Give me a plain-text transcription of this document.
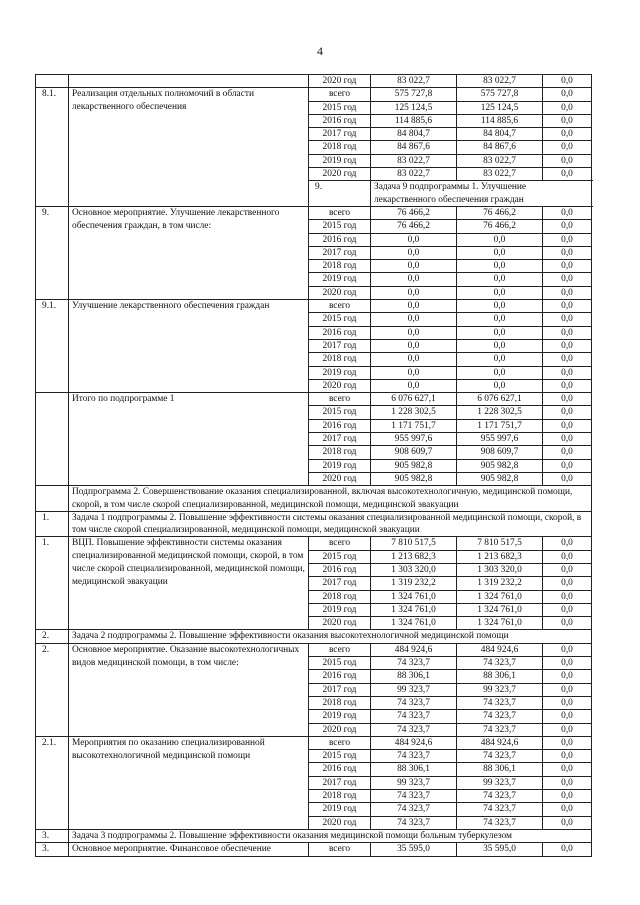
4
		2020 год	83 022,7	83 022,7	0,0
8.1.	Реализация отдельных полномочий в области лекарственного обеспечения	всего	575 727,8	575 727,8	0,0
		2015 год	125 124,5	125 124,5	0,0
		2016 год	114 885,6	114 885,6	0,0
		2017 год	84 804,7	84 804,7	0,0
		2018 год	84 867,6	84 867,6	0,0
		2019 год	83 022,7	83 022,7	0,0
		2020 год	83 022,7	83 022,7	0,0
		9.	Задача 9 подпрограммы 1. Улучшение лекарственного обеспечения граждан		
9.	Основное мероприятие. Улучшение лекарственного обеспечения граждан, в том числе:	всего	76 466,2	76 466,2	0,0
		2015 год	76 466,2	76 466,2	0,0
		2016 год	0,0	0,0	0,0
		2017 год	0,0	0,0	0,0
		2018 год	0,0	0,0	0,0
		2019 год	0,0	0,0	0,0
		2020 год	0,0	0,0	0,0
9.1.	Улучшение лекарственного обеспечения граждан	всего	0,0	0,0	0,0
		2015 год	0,0	0,0	0,0
		2016 год	0,0	0,0	0,0
		2017 год	0,0	0,0	0,0
		2018 год	0,0	0,0	0,0
		2019 год	0,0	0,0	0,0
		2020 год	0,0	0,0	0,0
	Итого по подпрограмме 1	всего	6 076 627,1	6 076 627,1	0,0
		2015 год	1 228 302,5	1 228 302,5	0,0
		2016 год	1 171 751,7	1 171 751,7	0,0
		2017 год	955 997,6	955 997,6	0,0
		2018 год	908 609,7	908 609,7	0,0
		2019 год	905 982,8	905 982,8	0,0
		2020 год	905 982,8	905 982,8	0,0
	Подпрограмма 2. Совершенствование оказания специализированной, включая высокотехнологичную, медицинской помощи, скорой, в том числе скорой специализированной, медицинской помощи, медицинской эвакуации				
1.	Задача 1 подпрограммы 2. Повышение эффективности системы оказания специализированной медицинской помощи, скорой, в том числе скорой специализированной, медицинской помощи, медицинской эвакуации				
1.	ВЦП. Повышение эффективности системы оказания специализированной медицинской помощи, скорой, в том числе скорой специализированной, медицинской помощи, медицинской эвакуации	всего	7 810 517,5	7 810 517,5	0,0
		2015 год	1 213 682,3	1 213 682,3	0,0
		2016 год	1 303 320,0	1 303 320,0	0,0
		2017 год	1 319 232,2	1 319 232,2	0,0
		2018 год	1 324 761,0	1 324 761,0	0,0
		2019 год	1 324 761,0	1 324 761,0	0,0
		2020 год	1 324 761,0	1 324 761,0	0,0
2.	Задача 2 подпрограммы 2. Повышение эффективности оказания высокотехнологичной медицинской помощи				
2.	Основное мероприятие. Оказание высокотехнологичных видов медицинской помощи, в том числе:	всего	484 924,6	484 924,6	0,0
		2015 год	74 323,7	74 323,7	0,0
		2016 год	88 306,1	88 306,1	0,0
		2017 год	99 323,7	99 323,7	0,0
		2018 год	74 323,7	74 323,7	0,0
		2019 год	74 323,7	74 323,7	0,0
		2020 год	74 323,7	74 323,7	0,0
2.1.	Мероприятия по оказанию специализированной высокотехнологичной медицинской помощи	всего	484 924,6	484 924,6	0,0
		2015 год	74 323,7	74 323,7	0,0
		2016 год	88 306,1	88 306,1	0,0
		2017 год	99 323,7	99 323,7	0,0
		2018 год	74 323,7	74 323,7	0,0
		2019 год	74 323,7	74 323,7	0,0
		2020 год	74 323,7	74 323,7	0,0
3.	Задача 3 подпрограммы 2. Повышение эффективности оказания медицинской помощи больным туберкулезом				
3.	Основное мероприятие. Финансовое обеспечение	всего	35 595,0	35 595,0	0,0
